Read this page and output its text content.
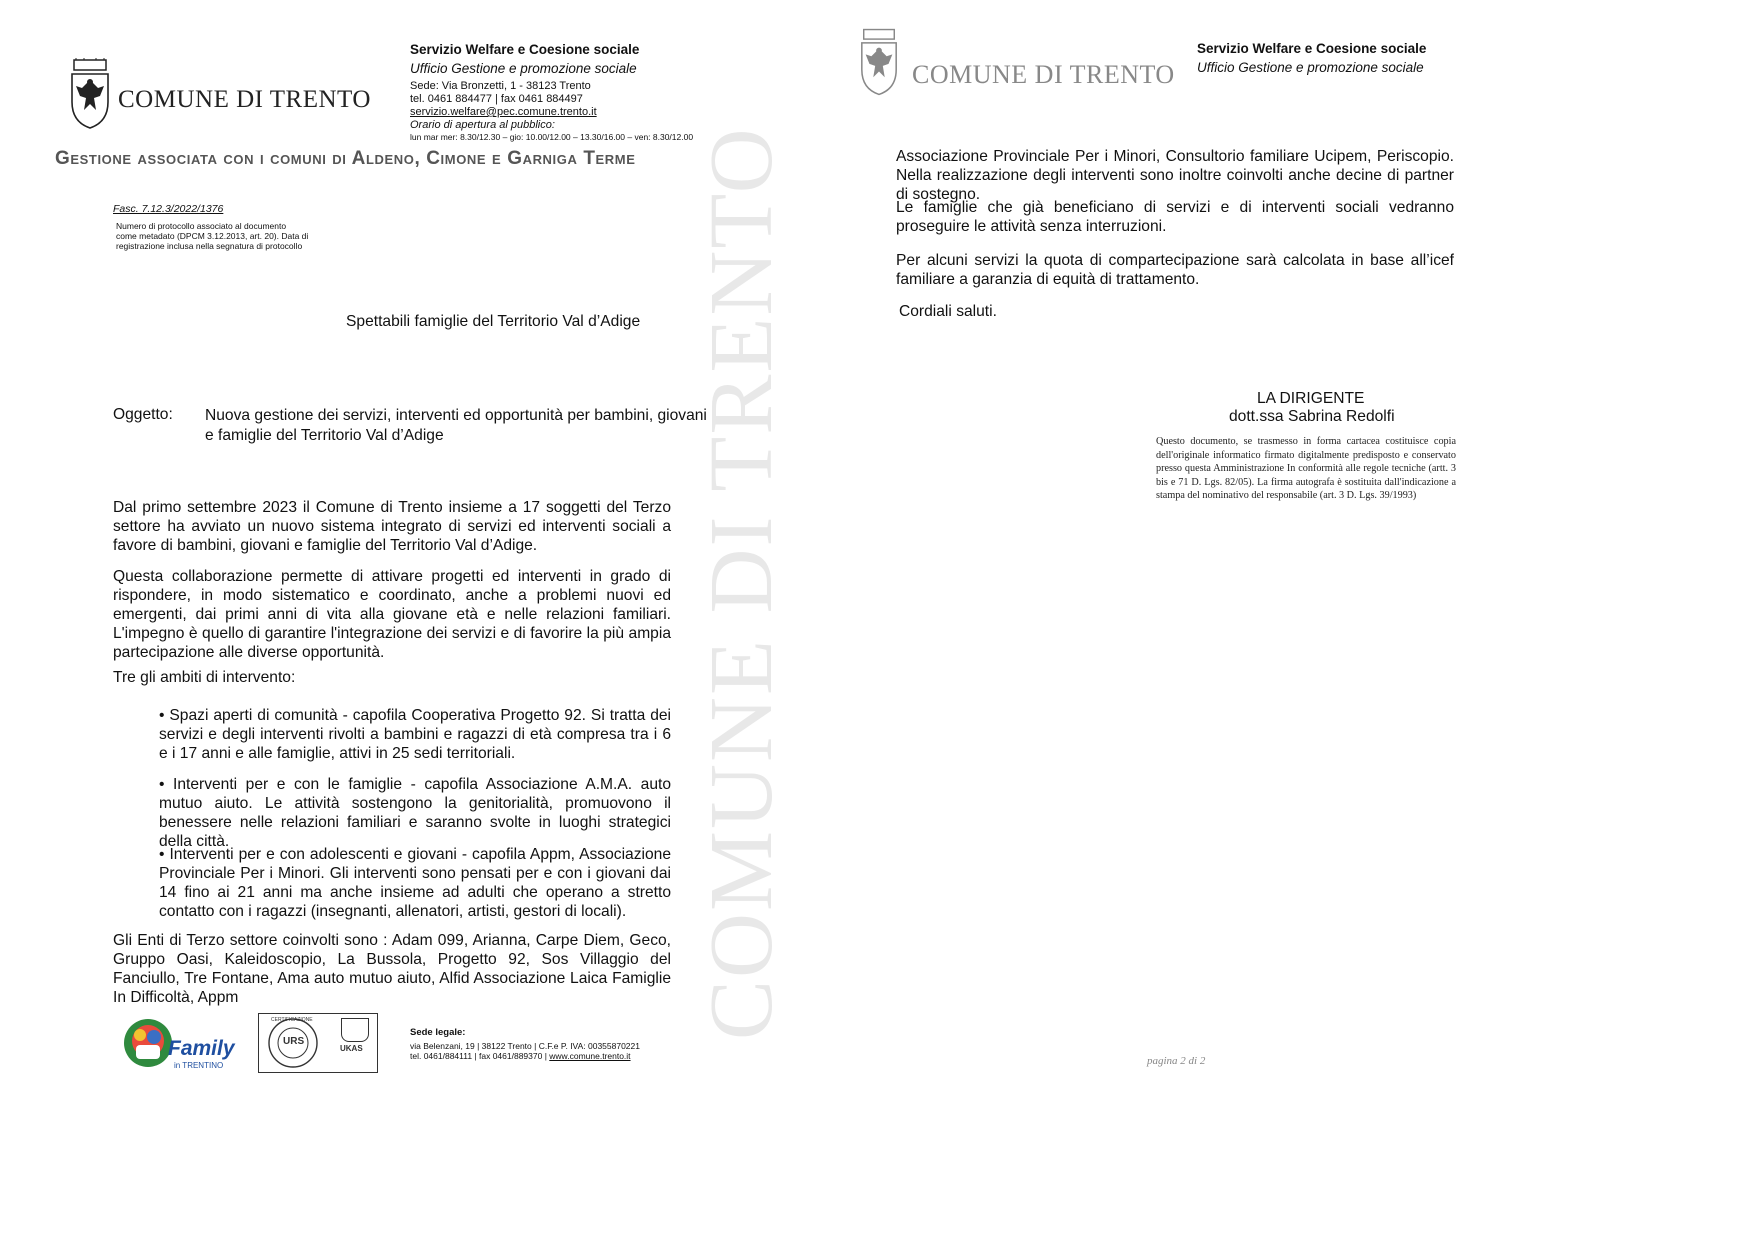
COMUNE DI TRENTO
COMUNE DI TRENTO
Servizio Welfare e Coesione sociale
Ufficio Gestione e promozione sociale
Sede: Via Bronzetti, 1 - 38123 Trento
tel. 0461 884477 | fax 0461 884497
servizio.welfare@pec.comune.trento.it
Orario di apertura al pubblico:
lun mar mer: 8.30/12.30 – gio: 10.00/12.00 – 13.30/16.00 – ven: 8.30/12.00
Gestione associata con i comuni di Aldeno, Cimone e Garniga Terme
Fasc. 7.12.3/2022/1376
Numero di protocollo associato al documento
come metadato (DPCM 3.12.2013, art. 20). Data di
registrazione inclusa nella segnatura di protocollo
Spettabili famiglie del Territorio Val d’Adige
Oggetto: Nuova gestione dei servizi, interventi ed opportunità per bambini, giovani
e famiglie del Territorio Val d’Adige
Dal primo settembre 2023 il Comune di Trento insieme a 17 soggetti del Terzo settore ha avviato un nuovo sistema integrato di servizi ed interventi sociali a favore di bambini, giovani e famiglie del Territorio Val d’Adige.
Questa collaborazione permette di attivare progetti ed interventi in grado di rispondere, in modo sistematico e coordinato, anche a problemi nuovi ed emergenti, dai primi anni di vita alla giovane età e nelle relazioni familiari. L'impegno è quello di garantire l'integrazione dei servizi e di favorire la più ampia partecipazione alle diverse opportunità.
Tre gli ambiti di intervento:
• Spazi aperti di comunità - capofila Cooperativa Progetto 92. Si tratta dei servizi e degli interventi rivolti a bambini e ragazzi di età compresa tra i 6 e i 17 anni e alle famiglie, attivi in 25 sedi territoriali.
• Interventi per e con le famiglie - capofila Associazione A.M.A. auto mutuo aiuto. Le attività sostengono la genitorialità, promuovono il benessere nelle relazioni familiari e saranno svolte in luoghi strategici della città.
• Interventi per e con adolescenti e giovani - capofila Appm, Associazione Provinciale Per i Minori. Gli interventi sono pensati per e con i giovani dai 14 fino ai 21 anni ma anche insieme ad adulti che operano a stretto contatto con i ragazzi (insegnanti, allenatori, artisti, gestori di locali).
Gli Enti di Terzo settore coinvolti sono : Adam 099, Arianna, Carpe Diem, Geco, Gruppo Oasi, Kaleidoscopio, La Bussola, Progetto 92, Sos Villaggio del Fanciullo, Tre Fontane, Ama auto mutuo aiuto, Alfid Associazione Laica Famiglie In Difficoltà, Appm
Family
in TRENTINO
URS
CERTIFICAZIONE
UKAS
Sede legale:
via Belenzani, 19 | 38122 Trento | C.F.e P. IVA: 00355870221
tel. 0461/884111 | fax 0461/889370 | www.comune.trento.it
COMUNE DI TRENTO
Servizio Welfare e Coesione sociale
Ufficio Gestione e promozione sociale
Associazione Provinciale Per i Minori, Consultorio familiare Ucipem, Periscopio. Nella realizzazione degli interventi sono inoltre coinvolti anche decine di partner di sostegno.
Le famiglie che già beneficiano di servizi e di interventi sociali vedranno proseguire le attività senza interruzioni.
Per alcuni servizi la quota di compartecipazione sarà calcolata in base all’icef familiare a garanzia di equità di trattamento.
Cordiali saluti.
LA DIRIGENTE
dott.ssa Sabrina Redolfi
Questo documento, se trasmesso in forma cartacea costituisce copia dell'originale informatico firmato digitalmente predisposto e conservato presso questa Amministrazione In conformità alle regole tecniche (artt. 3 bis e 71 D. Lgs. 82/05). La firma autografa è sostituita dall'indicazione a stampa del nominativo del responsabile (art. 3 D. Lgs. 39/1993)
pagina 2 di 2
